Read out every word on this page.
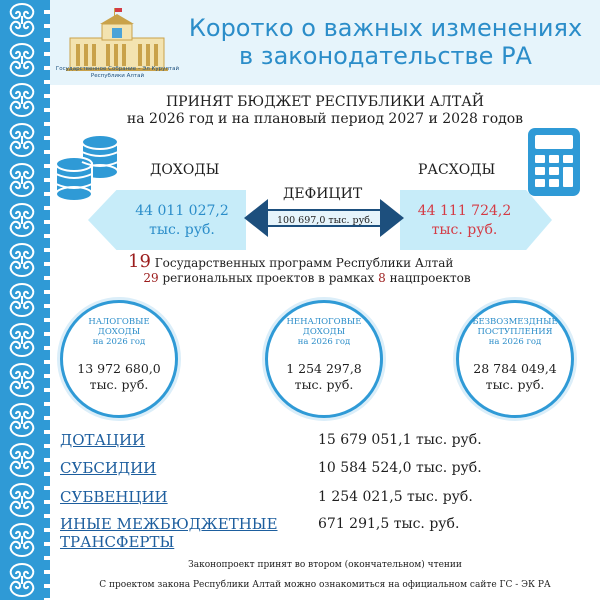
Государственное Собрание – Эл Курултай Республики Алтай
Коротко о важных изменениях
в законодательстве РА
ПРИНЯТ БЮДЖЕТ РЕСПУБЛИКИ АЛТАЙ
на 2026 год и на плановый период 2027 и 2028 годов
ДОХОДЫ	РАСХОДЫ
44 011 027,2
тыс. руб.
44 111 724,2
тыс. руб.
ДЕФИЦИТ
100 697,0 тыс. руб.
19 Государственных программ Республики Алтай
29 региональных проектов в рамках 8 нацпроектов
НАЛОГОВЫЕ ДОХОДЫ
на 2026 год
13 972 680,0
тыс. руб.
НЕНАЛОГОВЫЕ ДОХОДЫ
на 2026 год
1 254 297,8
тыс. руб.
БЕЗВОЗМЕЗДНЫЕ ПОСТУПЛЕНИЯ
на 2026 год
28 784 049,4
тыс. руб.
ДОТАЦИИ	15 679 051,1 тыс. руб.
СУБСИДИИ	10 584 524,0 тыс. руб.
СУБВЕНЦИИ	1 254 021,5 тыс. руб.
ИНЫЕ МЕЖБЮДЖЕТНЫЕ ТРАНСФЕРТЫ
671 291,5 тыс. руб.
Законопроект принят во втором (окончательном) чтении
С проектом закона Республики Алтай можно ознакомиться на официальном сайте ГС - ЭК РА
